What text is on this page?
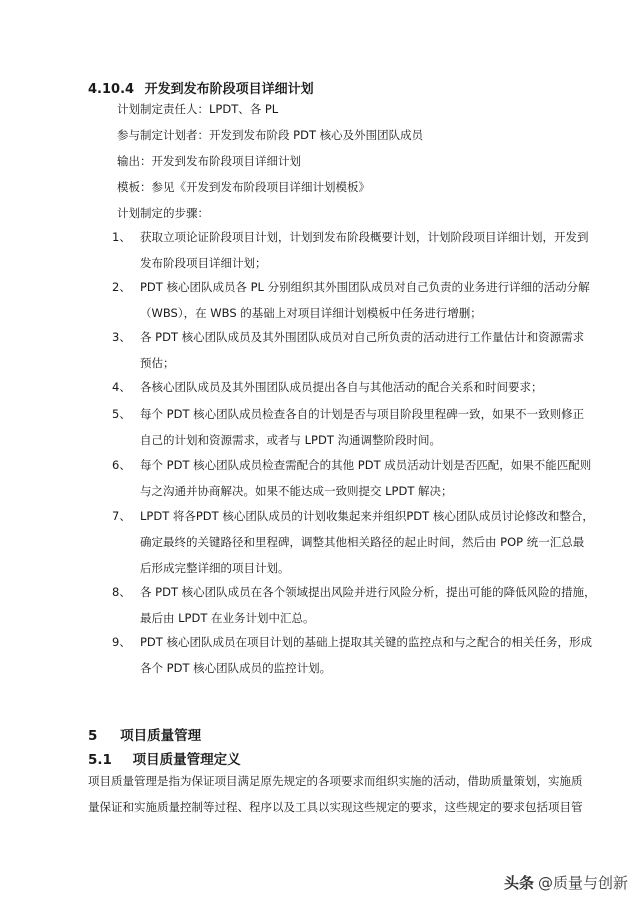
4.10.4 开发到发布阶段项目详细计划
计划制定责任人：LPDT、各 PL
参与制定计划者：开发到发布阶段 PDT 核心及外围团队成员
输出：开发到发布阶段项目详细计划
模板：参见《开发到发布阶段项目详细计划模板》
计划制定的步骤：
1、 获取立项论证阶段项目计划，计划到发布阶段概要计划，计划阶段项目详细计划，开发到
发布阶段项目详细计划；
2、 PDT 核心团队成员各 PL 分别组织其外围团队成员对自己负责的业务进行详细的活动分解
（WBS），在 WBS 的基础上对项目详细计划模板中任务进行增删；
3、 各 PDT 核心团队成员及其外围团队成员对自己所负责的活动进行工作量估计和资源需求
预估；
4、 各核心团队成员及其外围团队成员提出各自与其他活动的配合关系和时间要求；
5、 每个 PDT 核心团队成员检查各自的计划是否与项目阶段里程碑一致，如果不一致则修正
自己的计划和资源需求，或者与 LPDT 沟通调整阶段时间。
6、 每个 PDT 核心团队成员检查需配合的其他 PDT 成员活动计划是否匹配，如果不能匹配则
与之沟通并协商解决。如果不能达成一致则提交 LPDT 解决；
7、 LPDT 将各PDT 核心团队成员的计划收集起来并组织PDT 核心团队成员讨论修改和整合，
确定最终的关键路径和里程碑，调整其他相关路径的起止时间，然后由 POP 统一汇总最
后形成完整详细的项目计划。
8、 各 PDT 核心团队成员在各个领域提出风险并进行风险分析，提出可能的降低风险的措施，
最后由 LPDT 在业务计划中汇总。
9、 PDT 核心团队成员在项目计划的基础上提取其关键的监控点和与之配合的相关任务，形成
各个 PDT 核心团队成员的监控计划。
5 项目质量管理
5.1 项目质量管理定义
项目质量管理是指为保证项目满足原先规定的各项要求而组织实施的活动，借助质量策划，实施质
量保证和实施质量控制等过程、程序以及工具以实现这些规定的要求，这些规定的要求包括项目管
头条 @质量与创新
